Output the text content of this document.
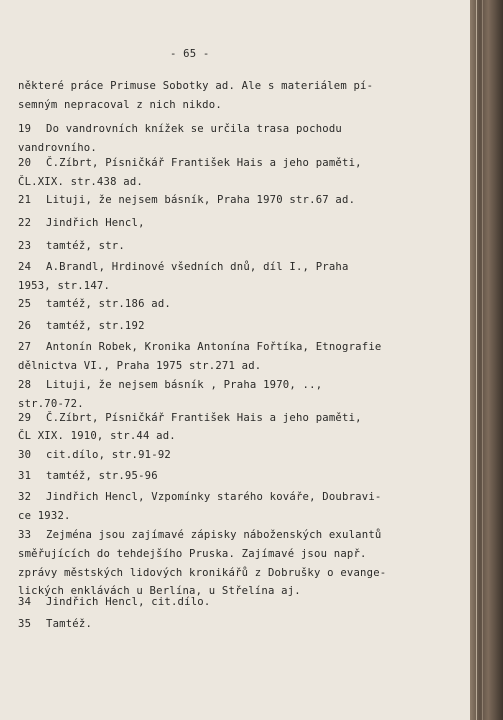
- 65 -
některé práce Primuse Sobotky ad. Ale s materiálem pí-
semným nepracoval z nich nikdo.
19 Do vandrovních knížek se určila trasa pochodu
vandrovního.
20 Č.Zíbrt, Písničkář František Hais a jeho paměti,
ČL.XIX. str.438 ad.
21 Lituji, že nejsem básník, Praha 1970 str.67 ad.
22 Jindřich Hencl,
23 tamtéž, str.
24 A.Brandl, Hrdinové všedních dnů, díl I., Praha
1953, str.147.
25 tamtéž, str.186 ad.
26 tamtéž, str.192
27 Antonín Robek, Kronika Antonína Fořtíka, Etnografie
dělnictva VI., Praha 1975 str.271 ad.
28 Lituji, že nejsem básník , Praha 1970, ..,
str.70-72.
29 Č.Zíbrt, Písničkář František Hais a jeho paměti,
ČL XIX. 1910, str.44 ad.
30 cit.dílo, str.91-92
31 tamtéž, str.95-96
32 Jindřich Hencl, Vzpomínky starého kováře, Doubravi-
ce 1932.
33 Zejména jsou zajímavé zápisky náboženských exulantů
směřujících do tehdejšího Pruska. Zajímavé jsou např.
zprávy městských lidových kronikářů z Dobrušky o evange-
lických enklávách u Berlína, u Střelína aj.
34 Jindřich Hencl, cit.dílo.
35 Tamtéž.
